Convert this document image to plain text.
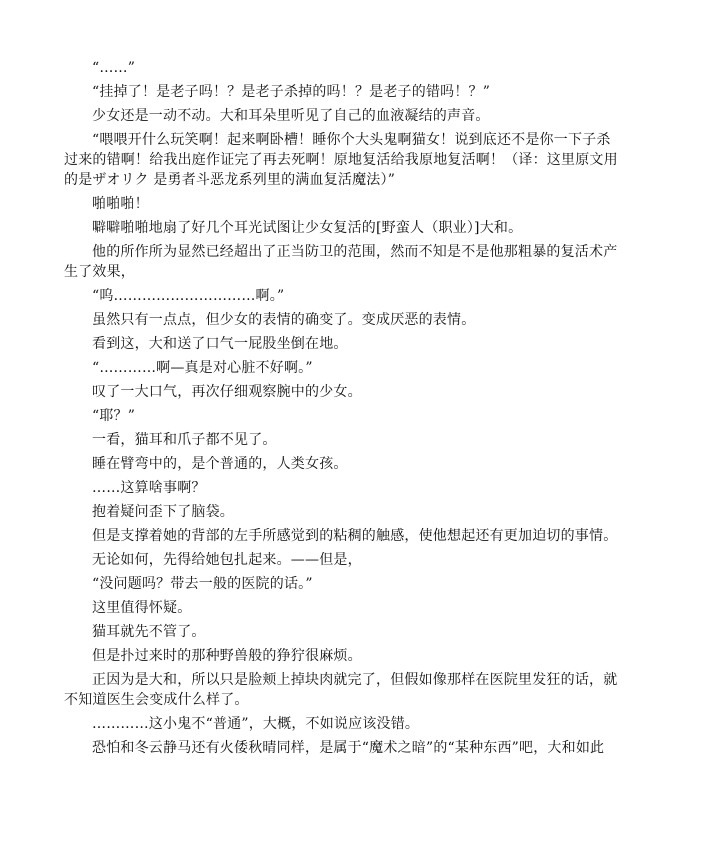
“……”

“挂掉了！是老子吗！？是老子杀掉的吗！？是老子的错吗！？”

少女还是一动不动。大和耳朵里听见了自己的血液凝结的声音。

“喂喂开什么玩笑啊！起来啊卧槽！睡你个大头鬼啊猫女！说到底还不是你一下子杀过来的错啊！给我出庭作证完了再去死啊！原地复活给我原地复活啊！（译：这里原文用的是ザオリク 是勇者斗恶龙系列里的满血复活魔法）”

啪啪啪！

噼噼啪啪地扇了好几个耳光试图让少女复活的[野蛮人（职业）]大和。

他的所作所为显然已经超出了正当防卫的范围，然而不知是不是他那粗暴的复活术产生了效果，

“呜…………………………啊。”

虽然只有一点点，但少女的表情的确变了。变成厌恶的表情。

看到这，大和送了口气一屁股坐倒在地。

“…………啊—真是对心脏不好啊。”

叹了一大口气，再次仔细观察腕中的少女。

“耶？”

一看，猫耳和爪子都不见了。

睡在臂弯中的，是个普通的，人类女孩。

……这算啥事啊？

抱着疑问歪下了脑袋。

但是支撑着她的背部的左手所感觉到的粘稠的触感，使他想起还有更加迫切的事情。

无论如何，先得给她包扎起来。——但是，

“没问题吗？带去一般的医院的话。”

这里值得怀疑。

猫耳就先不管了。

但是扑过来时的那种野兽般的狰狞很麻烦。

正因为是大和，所以只是脸颊上掉块肉就完了，但假如像那样在医院里发狂的话，就不知道医生会变成什么样了。

…………这小鬼不“普通”，大概，不如说应该没错。

恐怕和冬云静马还有火倭秋晴同样，是属于“魔术之暗”的“某种东西”吧，大和如此
